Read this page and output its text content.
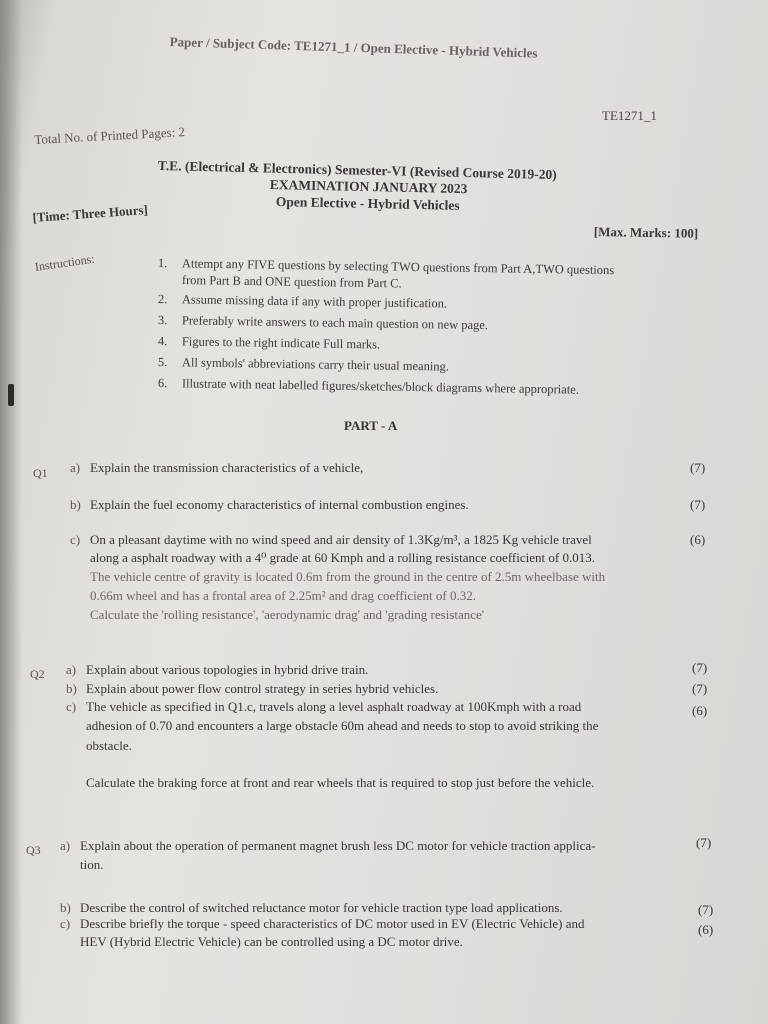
Paper / Subject Code: TE1271_1 / Open Elective - Hybrid Vehicles
TE1271_1
Total No. of Printed Pages: 2
T.E. (Electrical & Electronics) Semester-VI (Revised Course 2019-20)
EXAMINATION JANUARY 2023
Open Elective - Hybrid Vehicles
[Time: Three Hours]
[Max. Marks: 100]
Instructions:	1. Attempt any FIVE questions by selecting TWO questions from Part A,TWO questions
from Part B and ONE question from Part C.
2. Assume missing data if any with proper justification.
3. Preferably write answers to each main question on new page.
4. Figures to the right indicate Full marks.
5. All symbols' abbreviations carry their usual meaning.
6. Illustrate with neat labelled figures/sketches/block diagrams where appropriate.
PART - A
Q1 a) Explain the transmission characteristics of a vehicle,	(7)
b) Explain the fuel economy characteristics of internal combustion engines.	(7)
c) On a pleasant daytime with no wind speed and air density of 1.3Kg/m³, a 1825 Kg vehicle travel	(6)
along a asphalt roadway with a 4⁰ grade at 60 Kmph and a rolling resistance coefficient of 0.013.
The vehicle centre of gravity is located 0.6m from the ground in the centre of 2.5m wheelbase with
0.66m wheel and has a frontal area of 2.25m² and drag coefficient of 0.32.
Calculate the 'rolling resistance', 'aerodynamic drag' and 'grading resistance'
Q2 a) Explain about various topologies in hybrid drive train.	(7)
b) Explain about power flow control strategy in series hybrid vehicles.	(7)
c) The vehicle as specified in Q1.c, travels along a level asphalt roadway at 100Kmph with a road	(6)
adhesion of 0.70 and encounters a large obstacle 60m ahead and needs to stop to avoid striking the
obstacle.
Calculate the braking force at front and rear wheels that is required to stop just before the vehicle.
Q3 a) Explain about the operation of permanent magnet brush less DC motor for vehicle traction applica-	(7)
tion.
b) Describe the control of switched reluctance motor for vehicle traction type load applications.	(7)
c) Describe briefly the torque - speed characteristics of DC motor used in EV (Electric Vehicle) and	(6)
HEV (Hybrid Electric Vehicle) can be controlled using a DC motor drive.
